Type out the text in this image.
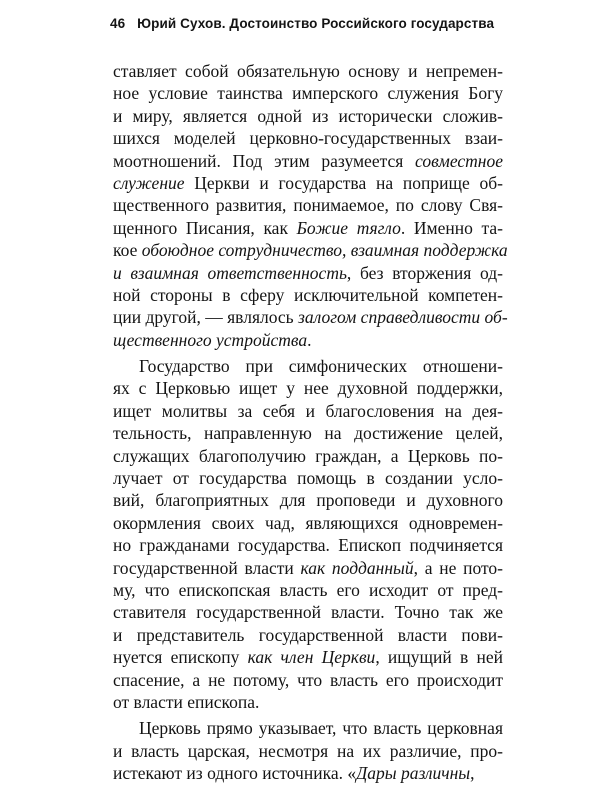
46 Юрий Сухов. Достоинство Российского государства
ставляет собой обязательную основу и непремен-
ное условие таинства имперского служения Богу
и миру, является одной из исторически сложив-
шихся моделей церковно-государственных взаи-
моотношений. Под этим разумеется совместное
служение Церкви и государства на поприще об-
щественного развития, понимаемое, по слову Свя-
щенного Писания, как Божие тягло. Именно та-
кое обоюдное сотрудничество, взаимная поддержка
и взаимная ответственность, без вторжения од-
ной стороны в сферу исключительной компетен-
ции другой, — являлось залогом справедливости об-
щественного устройства.
Государство при симфонических отношени-
ях с Церковью ищет у нее духовной поддержки,
ищет молитвы за себя и благословения на дея-
тельность, направленную на достижение целей,
служащих благополучию граждан, а Церковь по-
лучает от государства помощь в создании усло-
вий, благоприятных для проповеди и духовного
окормления своих чад, являющихся одновремен-
но гражданами государства. Епископ подчиняется
государственной власти как подданный, а не пото-
му, что епископская власть его исходит от пред-
ставителя государственной власти. Точно так же
и представитель государственной власти пови-
нуется епископу как член Церкви, ищущий в ней
спасение, а не потому, что власть его происходит
от власти епископа.
Церковь прямо указывает, что власть церковная
и власть царская, несмотря на их различие, про-
истекают из одного источника. «Дары различны,
